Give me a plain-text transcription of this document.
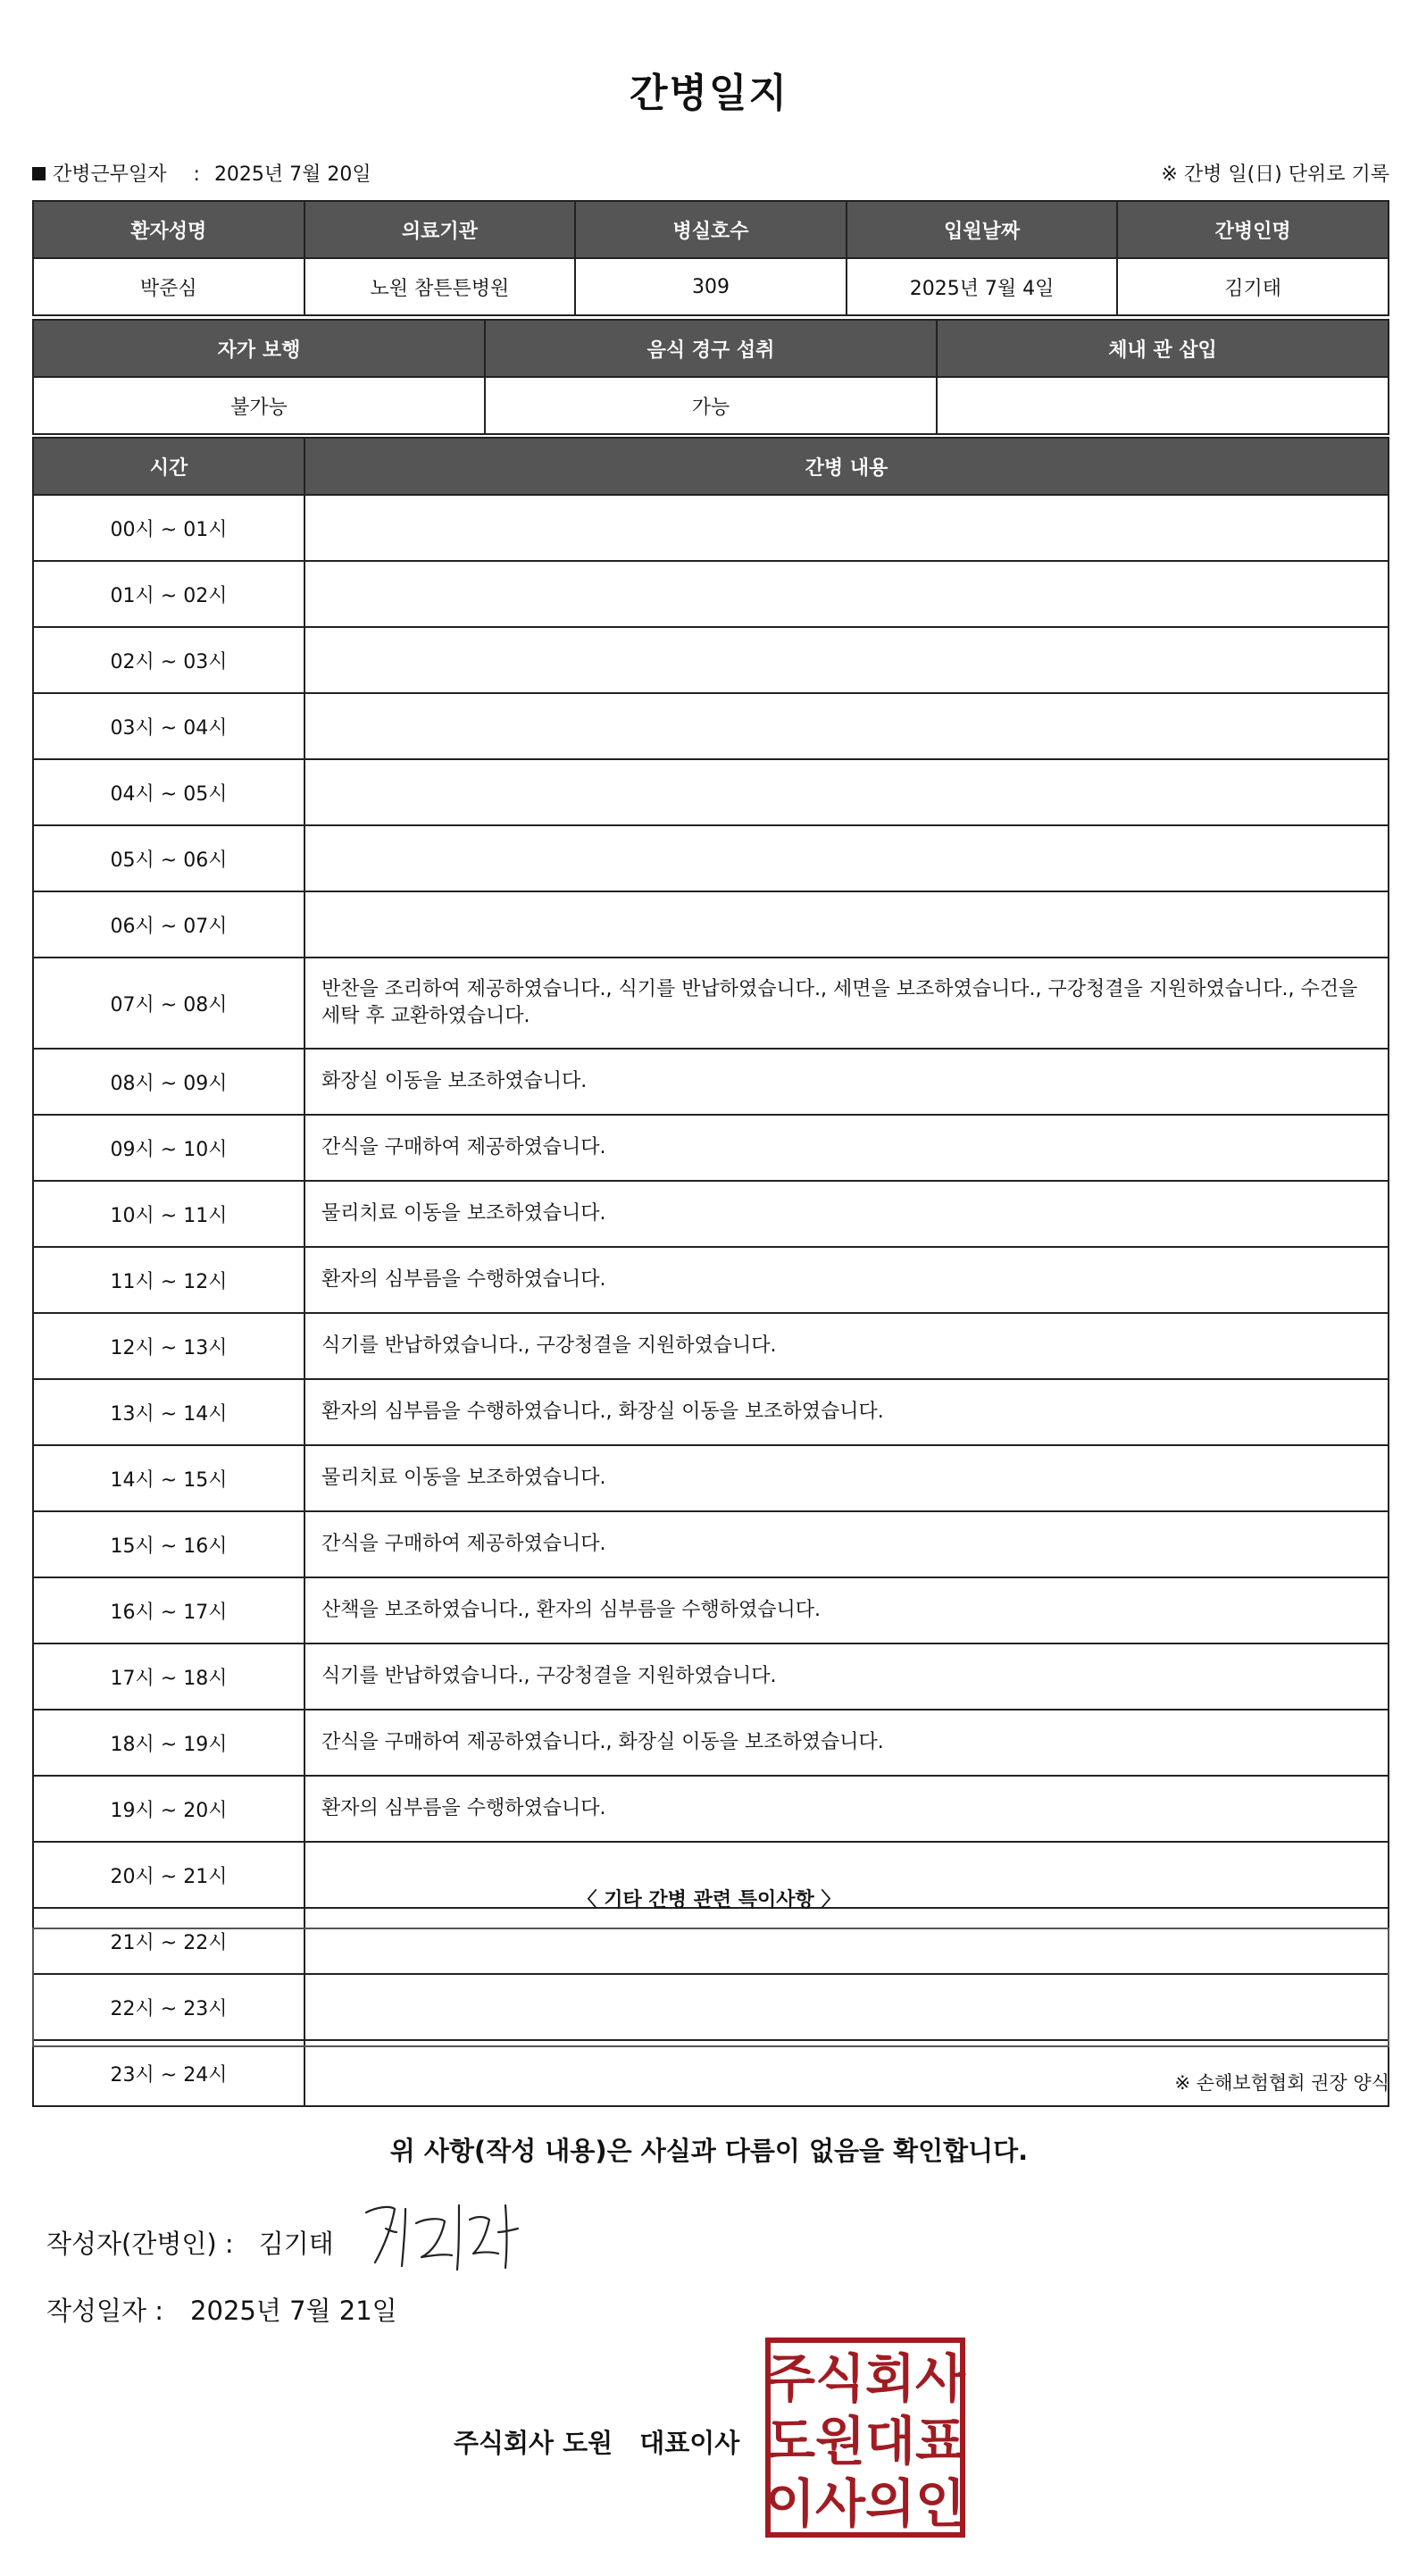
간병일지
간병근무일자 : 2025년 7월 20일	※ 간병 일(日) 단위로 기록
환자성명	의료기관	병실호수	입원날짜	간병인명
박준심	노원 참튼튼병원	309	2025년 7월 4일	김기태
자가 보행	음식 경구 섭취	체내 관 삽입
불가능	가능	
시간	간병 내용
00시 ~ 01시	
01시 ~ 02시	
02시 ~ 03시	
03시 ~ 04시	
04시 ~ 05시	
05시 ~ 06시	
06시 ~ 07시	
07시 ~ 08시	반찬을 조리하여 제공하였습니다., 식기를 반납하였습니다., 세면을 보조하였습니다., 구강청결을 지원하였습니다., 수건을 세탁 후 교환하였습니다.
08시 ~ 09시	화장실 이동을 보조하였습니다.
09시 ~ 10시	간식을 구매하여 제공하였습니다.
10시 ~ 11시	물리치료 이동을 보조하였습니다.
11시 ~ 12시	환자의 심부름을 수행하였습니다.
12시 ~ 13시	식기를 반납하였습니다., 구강청결을 지원하였습니다.
13시 ~ 14시	환자의 심부름을 수행하였습니다., 화장실 이동을 보조하였습니다.
14시 ~ 15시	물리치료 이동을 보조하였습니다.
15시 ~ 16시	간식을 구매하여 제공하였습니다.
16시 ~ 17시	산책을 보조하였습니다., 환자의 심부름을 수행하였습니다.
17시 ~ 18시	식기를 반납하였습니다., 구강청결을 지원하였습니다.
18시 ~ 19시	간식을 구매하여 제공하였습니다., 화장실 이동을 보조하였습니다.
19시 ~ 20시	환자의 심부름을 수행하였습니다.
20시 ~ 21시	
21시 ~ 22시	
22시 ~ 23시	
23시 ~ 24시	
〈 기타 간병 관련 특이사항 〉
※ 손해보험협회 권장 양식
위 사항(작성 내용)은 사실과 다름이 없음을 확인합니다.
작성자(간병인) : 김기태
작성일자 : 2025년 7월 21일
주식회사 도원 대표이사
주식회사
도원대표
이사의인
